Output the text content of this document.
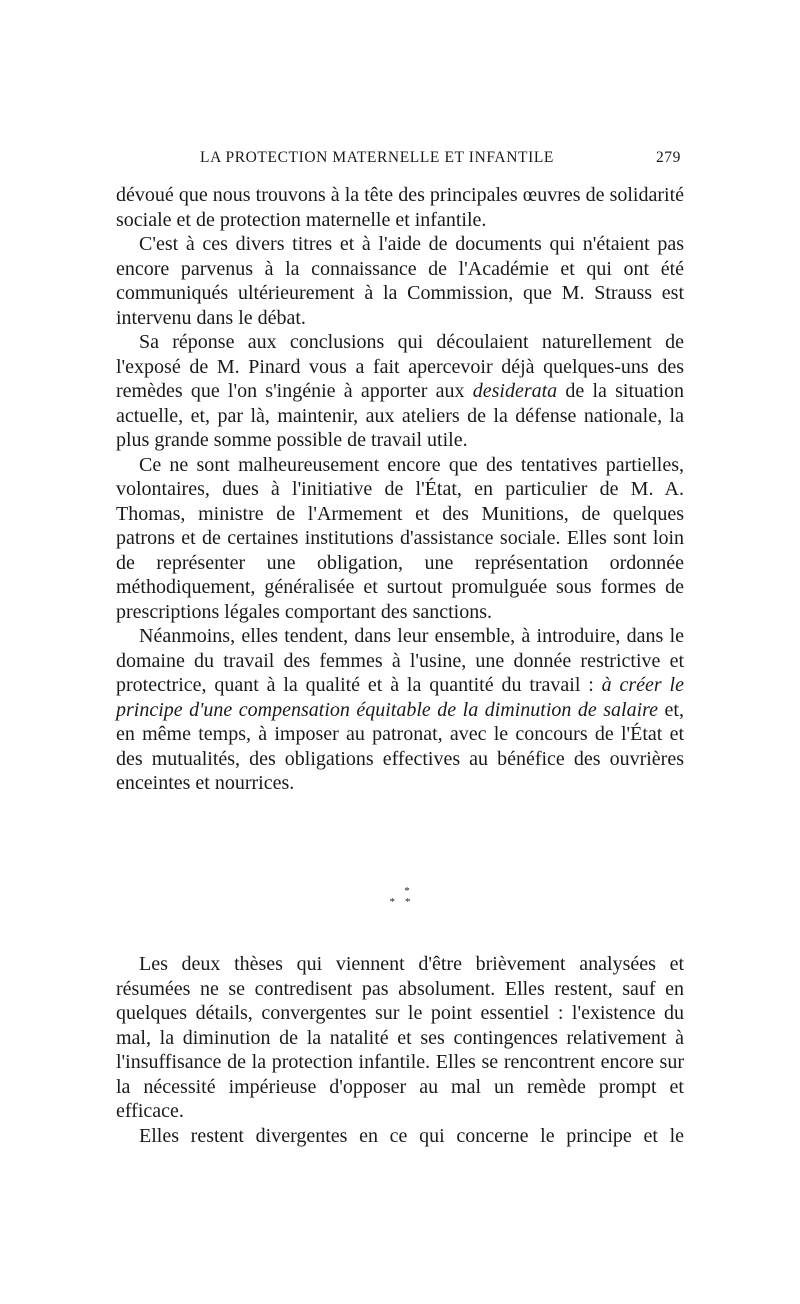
LA PROTECTION MATERNELLE ET INFANTILE	279

dévoué que nous trouvons à la tête des principales œuvres de solidarité sociale et de protection maternelle et infantile.

C'est à ces divers titres et à l'aide de documents qui n'étaient pas encore parvenus à la connaissance de l'Académie et qui ont été communiqués ultérieurement à la Commission, que M. Strauss est intervenu dans le débat.

Sa réponse aux conclusions qui découlaient naturellement de l'exposé de M. Pinard vous a fait apercevoir déjà quelques-uns des remèdes que l'on s'ingénie à apporter aux desiderata de la situation actuelle, et, par là, maintenir, aux ateliers de la défense nationale, la plus grande somme possible de travail utile.

Ce ne sont malheureusement encore que des tentatives partielles, volontaires, dues à l'initiative de l'État, en particulier de M. A. Thomas, ministre de l'Armement et des Munitions, de quelques patrons et de certaines institutions d'assistance sociale. Elles sont loin de représenter une obligation, une représentation ordonnée méthodiquement, généralisée et surtout promulguée sous formes de prescriptions légales comportant des sanctions.

Néanmoins, elles tendent, dans leur ensemble, à introduire, dans le domaine du travail des femmes à l'usine, une donnée restrictive et protectrice, quant à la qualité et à la quantité du travail : à créer le principe d'une compensation équitable de la diminution de salaire et, en même temps, à imposer au patronat, avec le concours de l'État et des mutualités, des obligations effectives au bénéfice des ouvrières enceintes et nourrices.

*
* *

Les deux thèses qui viennent d'être brièvement analysées et résumées ne se contredisent pas absolument. Elles restent, sauf en quelques détails, convergentes sur le point essentiel : l'existence du mal, la diminution de la natalité et ses contingences relativement à l'insuffisance de la protection infantile. Elles se rencontrent encore sur la nécessité impérieuse d'opposer au mal un remède prompt et efficace.

Elles restent divergentes en ce qui concerne le principe et le
